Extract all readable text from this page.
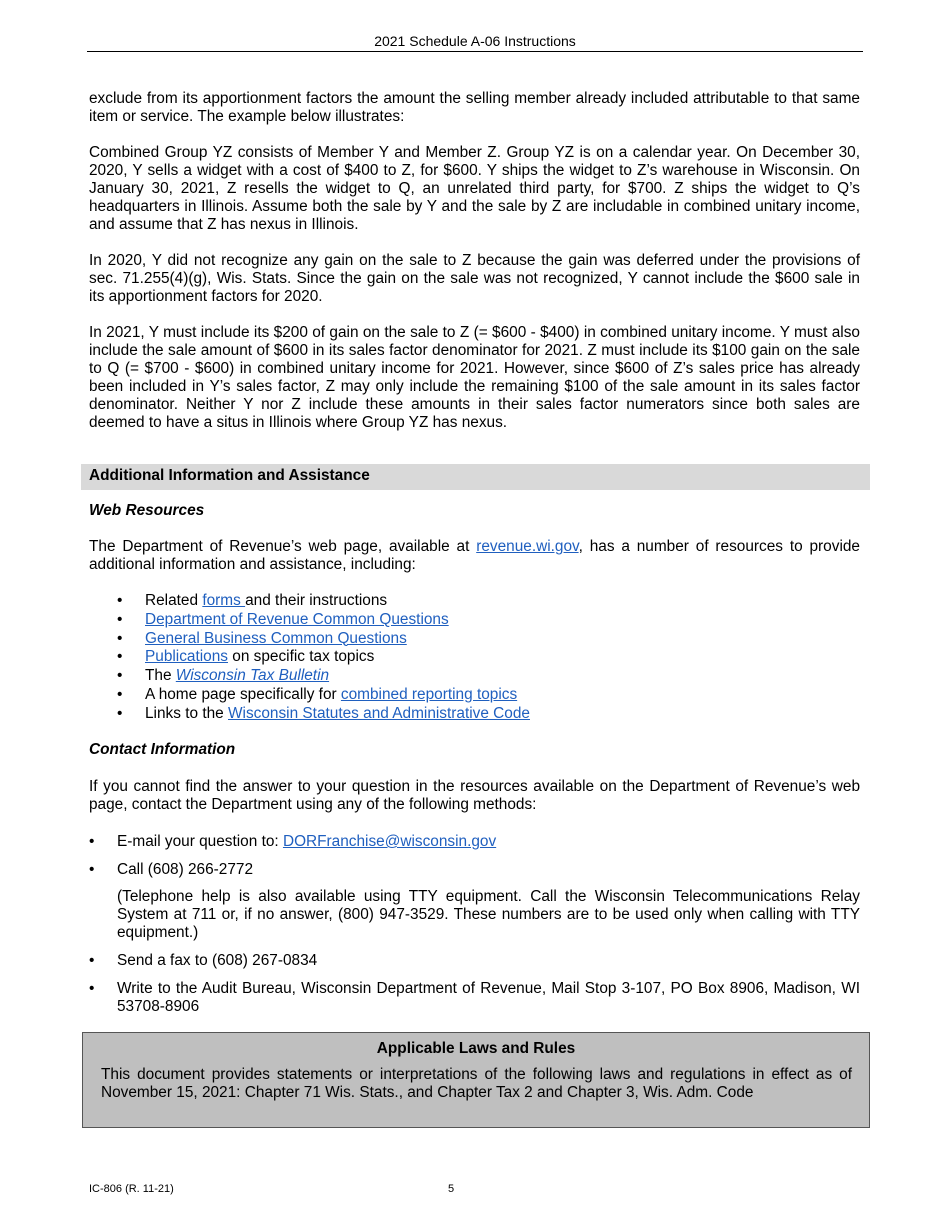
2021 Schedule A-06 Instructions

exclude from its apportionment factors the amount the selling member already included attributable to that same item or service. The example below illustrates:

Combined Group YZ consists of Member Y and Member Z. Group YZ is on a calendar year. On December 30, 2020, Y sells a widget with a cost of $400 to Z, for $600. Y ships the widget to Z’s warehouse in Wisconsin. On January 30, 2021, Z resells the widget to Q, an unrelated third party, for $700. Z ships the widget to Q’s headquarters in Illinois. Assume both the sale by Y and the sale by Z are includable in combined unitary income, and assume that Z has nexus in Illinois.

In 2020, Y did not recognize any gain on the sale to Z because the gain was deferred under the provisions of sec. 71.255(4)(g), Wis. Stats. Since the gain on the sale was not recognized, Y cannot include the $600 sale in its apportionment factors for 2020.

In 2021, Y must include its $200 of gain on the sale to Z (= $600 - $400) in combined unitary income. Y must also include the sale amount of $600 in its sales factor denominator for 2021. Z must include its $100 gain on the sale to Q (= $700 - $600) in combined unitary income for 2021. However, since $600 of Z’s sales price has already been included in Y’s sales factor, Z may only include the remaining $100 of the sale amount in its sales factor denominator. Neither Y nor Z include these amounts in their sales factor numerators since both sales are deemed to have a situs in Illinois where Group YZ has nexus.

Additional Information and Assistance
Web Resources

The Department of Revenue’s web page, available at revenue.wi.gov, has a number of resources to provide additional information and assistance, including:

• Related forms and their instructions
• Department of Revenue Common Questions
• General Business Common Questions
• Publications on specific tax topics
• The Wisconsin Tax Bulletin
• A home page specifically for combined reporting topics
• Links to the Wisconsin Statutes and Administrative Code
Contact Information

If you cannot find the answer to your question in the resources available on the Department of Revenue’s web page, contact the Department using any of the following methods:

• E-mail your question to: DORFranchise@wisconsin.gov
• Call (608) 266-2772

(Telephone help is also available using TTY equipment. Call the Wisconsin Telecommunications Relay System at 711 or, if no answer, (800) 947-3529. These numbers are to be used only when calling with TTY equipment.)

• Send a fax to (608) 267-0834
• Write to the Audit Bureau, Wisconsin Department of Revenue, Mail Stop 3-107, PO Box 8906, Madison, WI 53708-8906
Applicable Laws and Rules

This document provides statements or interpretations of the following laws and regulations in effect as of November 15, 2021: Chapter 71 Wis. Stats., and Chapter Tax 2 and Chapter 3, Wis. Adm. Code

IC-806 (R. 11-21)	5
